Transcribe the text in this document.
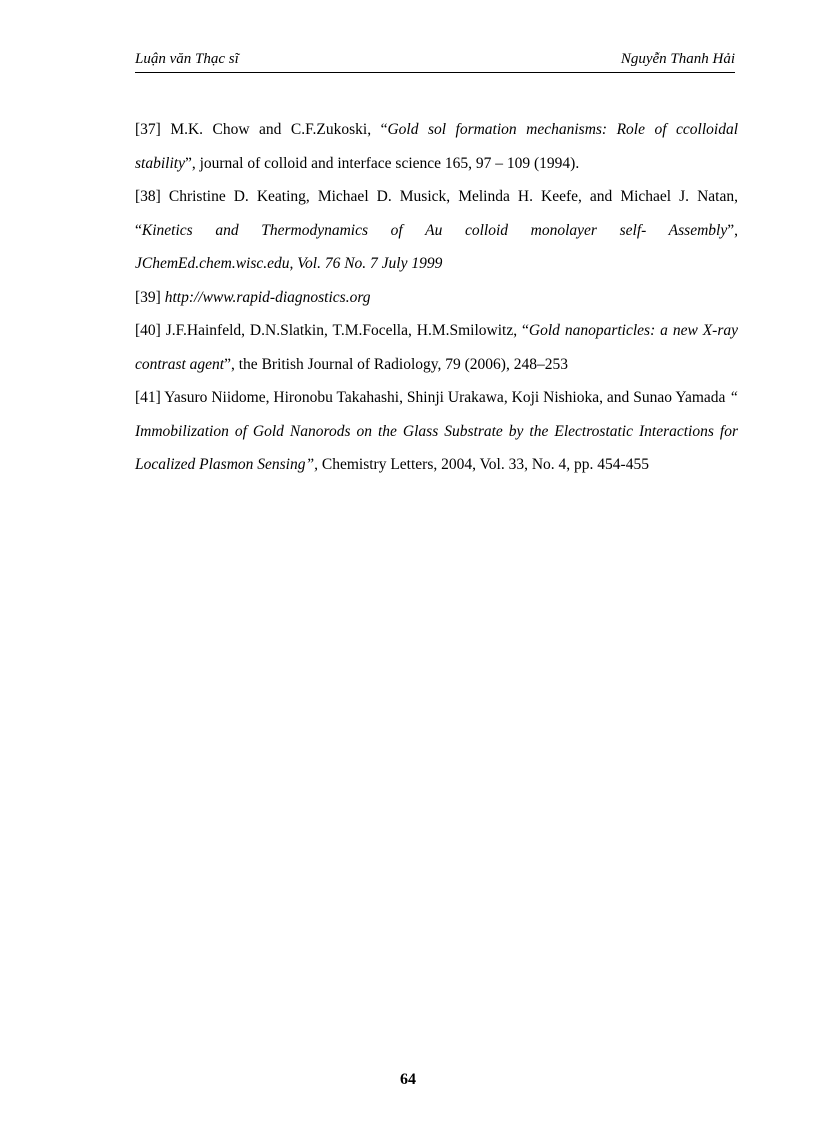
Luận văn Thạc sĩ	Nguyễn Thanh Hải

[37] M.K. Chow and C.F.Zukoski, “Gold sol formation mechanisms: Role of ccolloidal stability”, journal of colloid and interface science 165, 97 – 109 (1994).

[38] Christine D. Keating, Michael D. Musick, Melinda H. Keefe, and Michael J. Natan, “Kinetics and Thermodynamics of Au colloid monolayer self- Assembly”, JChemEd.chem.wisc.edu, Vol. 76 No. 7 July 1999

[39] http://www.rapid-diagnostics.org

[40] J.F.Hainfeld, D.N.Slatkin, T.M.Focella, H.M.Smilowitz, “Gold nanoparticles: a new X-ray contrast agent”, the British Journal of Radiology, 79 (2006), 248–253

[41] Yasuro Niidome, Hironobu Takahashi, Shinji Urakawa, Koji Nishioka, and Sunao Yamada “ Immobilization of Gold Nanorods on the Glass Substrate by the Electrostatic Interactions for Localized Plasmon Sensing”, Chemistry Letters, 2004, Vol. 33, No. 4, pp. 454-455

64
